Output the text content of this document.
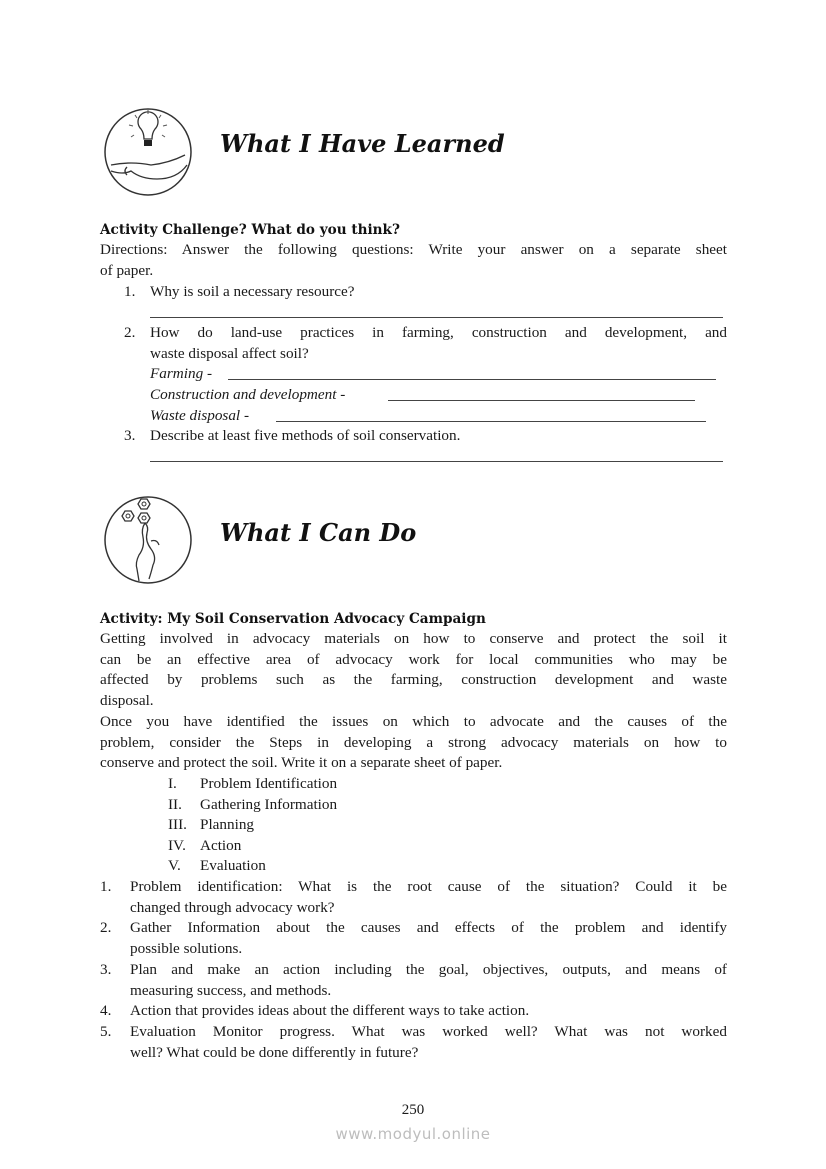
What I Have Learned
Activity Challenge? What do you think?
Directions: Answer the following questions: Write your answer on a separate sheet
of paper.
1. Why is soil a necessary resource?
2. How do land-use practices in farming, construction and development, and
waste disposal affect soil?
Farming -
Construction and development -
Waste disposal -
3. Describe at least five methods of soil conservation.
What I Can Do
Activity: My Soil Conservation Advocacy Campaign
Getting involved in advocacy materials on how to conserve and protect the soil it
can be an effective area of advocacy work for local communities who may be
affected by problems such as the farming, construction development and waste
disposal.
Once you have identified the issues on which to advocate and the causes of the
problem, consider the Steps in developing a strong advocacy materials on how to
conserve and protect the soil. Write it on a separate sheet of paper.
I. Problem Identification
II. Gathering Information
III. Planning
IV. Action
V. Evaluation
1. Problem identification: What is the root cause of the situation? Could it be
changed through advocacy work?
2. Gather Information about the causes and effects of the problem and identify
possible solutions.
3. Plan and make an action including the goal, objectives, outputs, and means of
measuring success, and methods.
4. Action that provides ideas about the different ways to take action.
5. Evaluation Monitor progress. What was worked well? What was not worked
well? What could be done differently in future?
250
www.modyul.online
